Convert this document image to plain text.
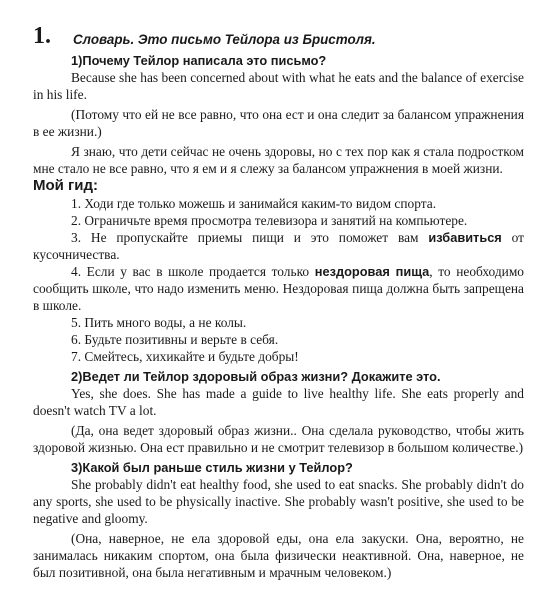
1. Словарь. Это письмо Тейлора из Бристоля.

1)Почему Тейлор написала это письмо?

Because she has been concerned about with what he eats and the balance of exercise in his life.

(Потому что ей не все равно, что она ест и она следит за балансом упражнения в ее жизни.)

Я знаю, что дети сейчас не очень здоровы, но с тех пор как я стала подростком мне стало не все равно, что я ем и я слежу за балансом упражнения в моей жизни.

Мой гид:

1. Ходи где только можешь и занимайся каким-то видом спорта.
2. Ограничьте время просмотра телевизора и занятий на компьютере.
3. Не пропускайте приемы пищи и это поможет вам избавиться от кусочничества.
4. Если у вас в школе продается только нездоровая пища, то необходимо сообщить школе, что надо изменить меню. Нездоровая пища должна быть запрещена в школе.
5. Пить много воды, а не колы.
6. Будьте позитивны и верьте в себя.
7. Смейтесь, хихикайте и будьте добры!

2)Ведет ли Тейлор здоровый образ жизни? Докажите это.

Yes, she does. She has made a guide to live healthy life. She eats properly and doesn't watch TV a lot.

(Да, она ведет здоровый образ жизни.. Она сделала руководство, чтобы жить здоровой жизнью. Она ест правильно и не смотрит телевизор в большом количестве.)

3)Какой был раньше стиль жизни у Тейлор?

She probably didn't eat healthy food, she used to eat snacks. She probably didn't do any sports, she used to be physically inactive. She probably wasn't positive, she used to be negative and gloomy.

(Она, наверное, не ела здоровой еды, она ела закуски. Она, вероятно, не занималась никаким спортом, она была физически неактивной. Она, наверное, не был позитивной, она была негативным и мрачным человеком.)
